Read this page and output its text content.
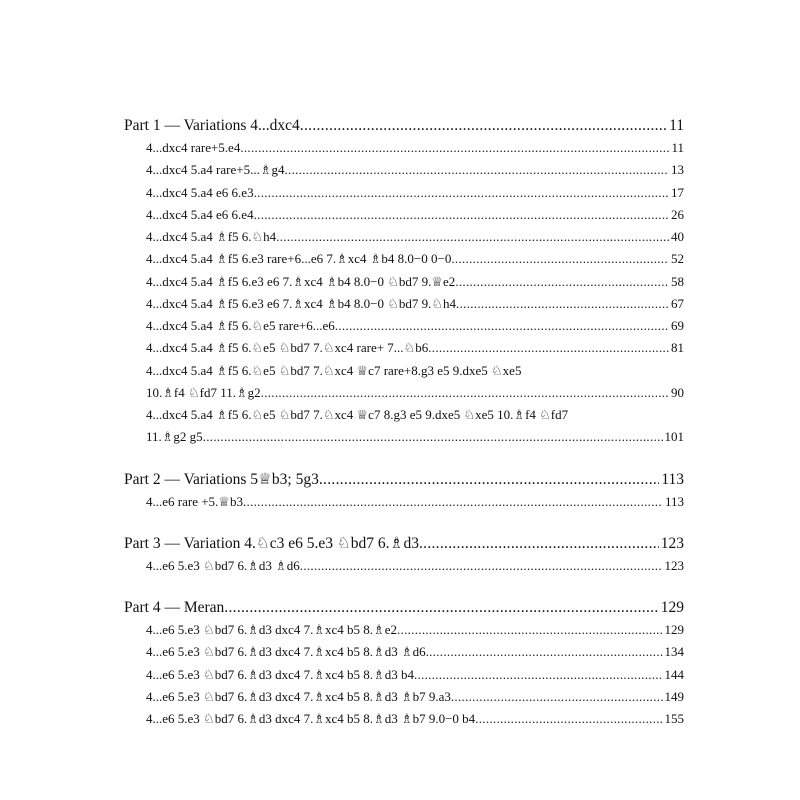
Part 1 — Variations 4...dxc4 .....	11
4...dxc4 rare+5.e4 .....	11
4...dxc4 5.a4 rare+5...♗g4 .....	13
4...dxc4 5.a4 e6 6.e3 .....	17
4...dxc4 5.a4 e6 6.e4 .....	26
4...dxc4 5.a4 ♗f5 6.♘h4 .....	40
4...dxc4 5.a4 ♗f5 6.e3 rare+6...e6 7.♗xc4 ♗b4 8.0−0 0−0 .....	52
4...dxc4 5.a4 ♗f5 6.e3 e6 7.♗xc4 ♗b4 8.0−0 ♘bd7 9.♕e2 .....	58
4...dxc4 5.a4 ♗f5 6.e3 e6 7.♗xc4 ♗b4 8.0−0 ♘bd7 9.♘h4 .....	67
4...dxc4 5.a4 ♗f5 6.♘e5 rare+6...e6 .....	69
4...dxc4 5.a4 ♗f5 6.♘e5 ♘bd7 7.♘xc4 rare+ 7...♘b6 .....	81
4...dxc4 5.a4 ♗f5 6.♘e5 ♘bd7 7.♘xc4 ♕c7 rare+8.g3 e5 9.dxe5 ♘xe5
10.♗f4 ♘fd7 11.♗g2 .....	90
4...dxc4 5.a4 ♗f5 6.♘e5 ♘bd7 7.♘xc4 ♕c7 8.g3 e5 9.dxe5 ♘xe5 10.♗f4 ♘fd7
11.♗g2 g5 .....	101
Part 2 — Variations 5♕b3; 5g3 .....	113
4...e6 rare +5.♕b3 .....	113
Part 3 — Variation 4.♘c3 e6 5.e3 ♘bd7 6.♗d3 .....	123
4...e6 5.e3 ♘bd7 6.♗d3 ♗d6 .....	123
Part 4 — Meran .....	129
4...e6 5.e3 ♘bd7 6.♗d3 dxc4 7.♗xc4 b5 8.♗e2 .....	129
4...e6 5.e3 ♘bd7 6.♗d3 dxc4 7.♗xc4 b5 8.♗d3 ♗d6 .....	134
4...e6 5.e3 ♘bd7 6.♗d3 dxc4 7.♗xc4 b5 8.♗d3 b4 .....	144
4...e6 5.e3 ♘bd7 6.♗d3 dxc4 7.♗xc4 b5 8.♗d3 ♗b7 9.a3 .....	149
4...e6 5.e3 ♘bd7 6.♗d3 dxc4 7.♗xc4 b5 8.♗d3 ♗b7 9.0−0 b4 .....	155
